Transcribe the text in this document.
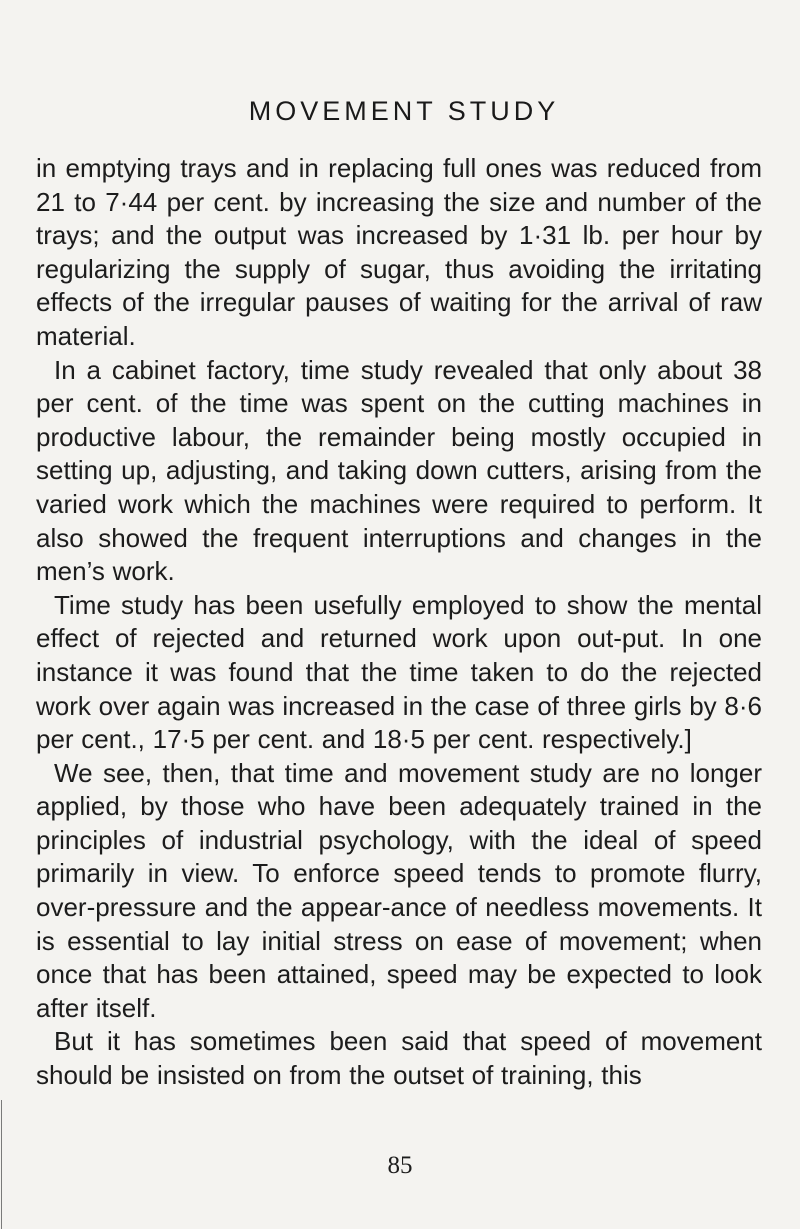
MOVEMENT STUDY

in emptying trays and in replacing full ones was reduced from 21 to 7·44 per cent. by increasing the size and number of the trays; and the output was increased by 1·31 lb. per hour by regularizing the supply of sugar, thus avoiding the irritating effects of the irregular pauses of waiting for the arrival of raw material.

In a cabinet factory, time study revealed that only about 38 per cent. of the time was spent on the cutting machines in productive labour, the remainder being mostly occupied in setting up, adjusting, and taking down cutters, arising from the varied work which the machines were required to perform. It also showed the frequent interruptions and changes in the men’s work.

Time study has been usefully employed to show the mental effect of rejected and returned work upon out-put. In one instance it was found that the time taken to do the rejected work over again was increased in the case of three girls by 8·6 per cent., 17·5 per cent. and 18·5 per cent. respectively.]

We see, then, that time and movement study are no longer applied, by those who have been adequately trained in the principles of industrial psychology, with the ideal of speed primarily in view. To enforce speed tends to promote flurry, over-pressure and the appear-ance of needless movements. It is essential to lay initial stress on ease of movement; when once that has been attained, speed may be expected to look after itself.

But it has sometimes been said that speed of movement should be insisted on from the outset of training, this

85
